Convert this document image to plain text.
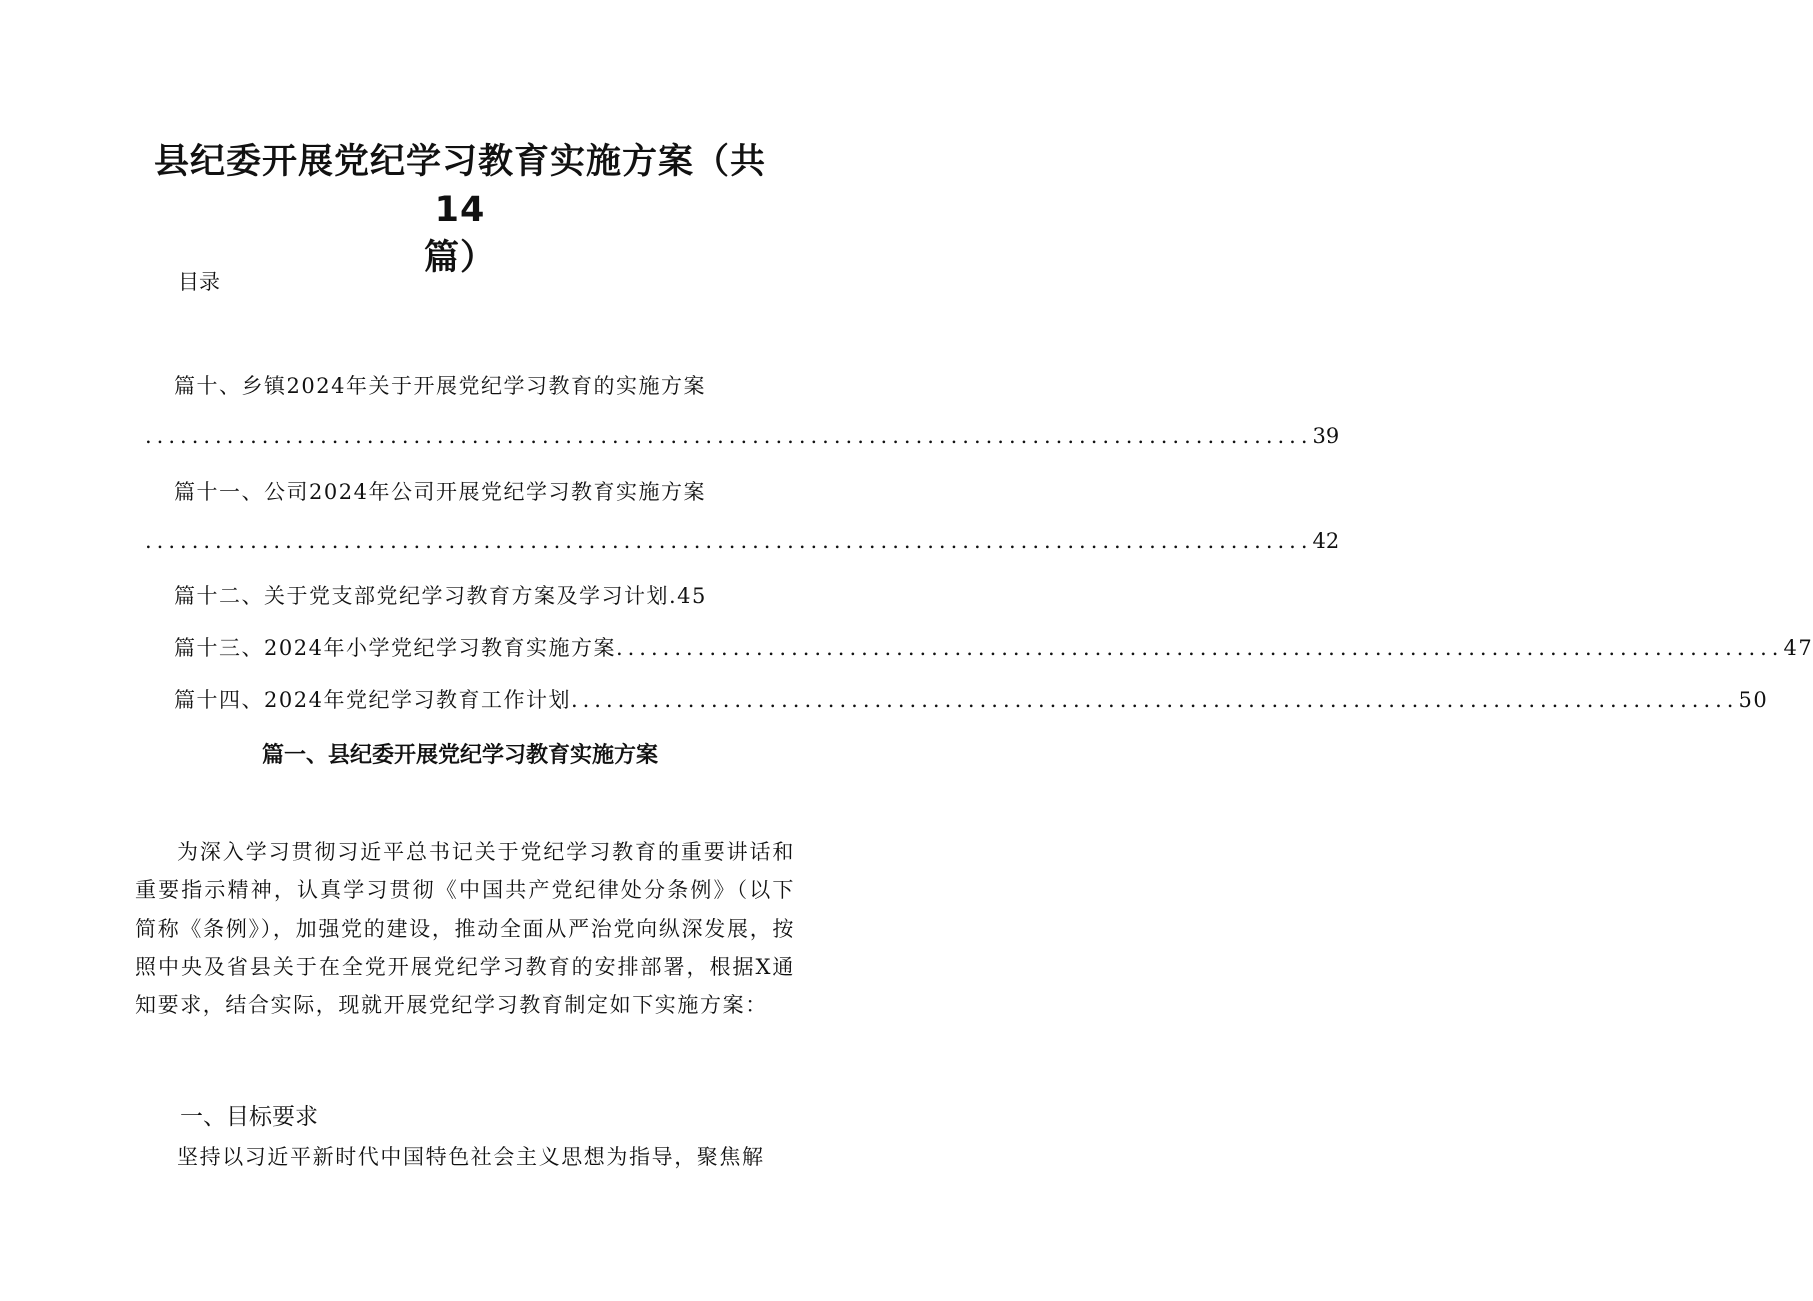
县纪委开展党纪学习教育实施方案（共14
篇）
目录
篇十、乡镇2024年关于开展党纪学习教育的实施方案
.................................................................................................... 39
篇十一、公司2024年公司开展党纪学习教育实施方案
.................................................................................................... 42
篇十二、关于党支部党纪学习教育方案及学习计划.45
篇十三、2024年小学党纪学习教育实施方案 .................................................................................................... 47
篇十四、2024年党纪学习教育工作计划 .................................................................................................... 50
篇一、县纪委开展党纪学习教育实施方案
为深入学习贯彻习近平总书记关于党纪学习教育的重要讲话和重要指示精神，认真学习贯彻《中国共产党纪律处分条例》（以下简称《条例》），加强党的建设，推动全面从严治党向纵深发展，按照中央及省县关于在全党开展党纪学习教育的安排部署，根据X通知要求，结合实际，现就开展党纪学习教育制定如下实施方案：
一、目标要求
坚持以习近平新时代中国特色社会主义思想为指导，聚焦解
